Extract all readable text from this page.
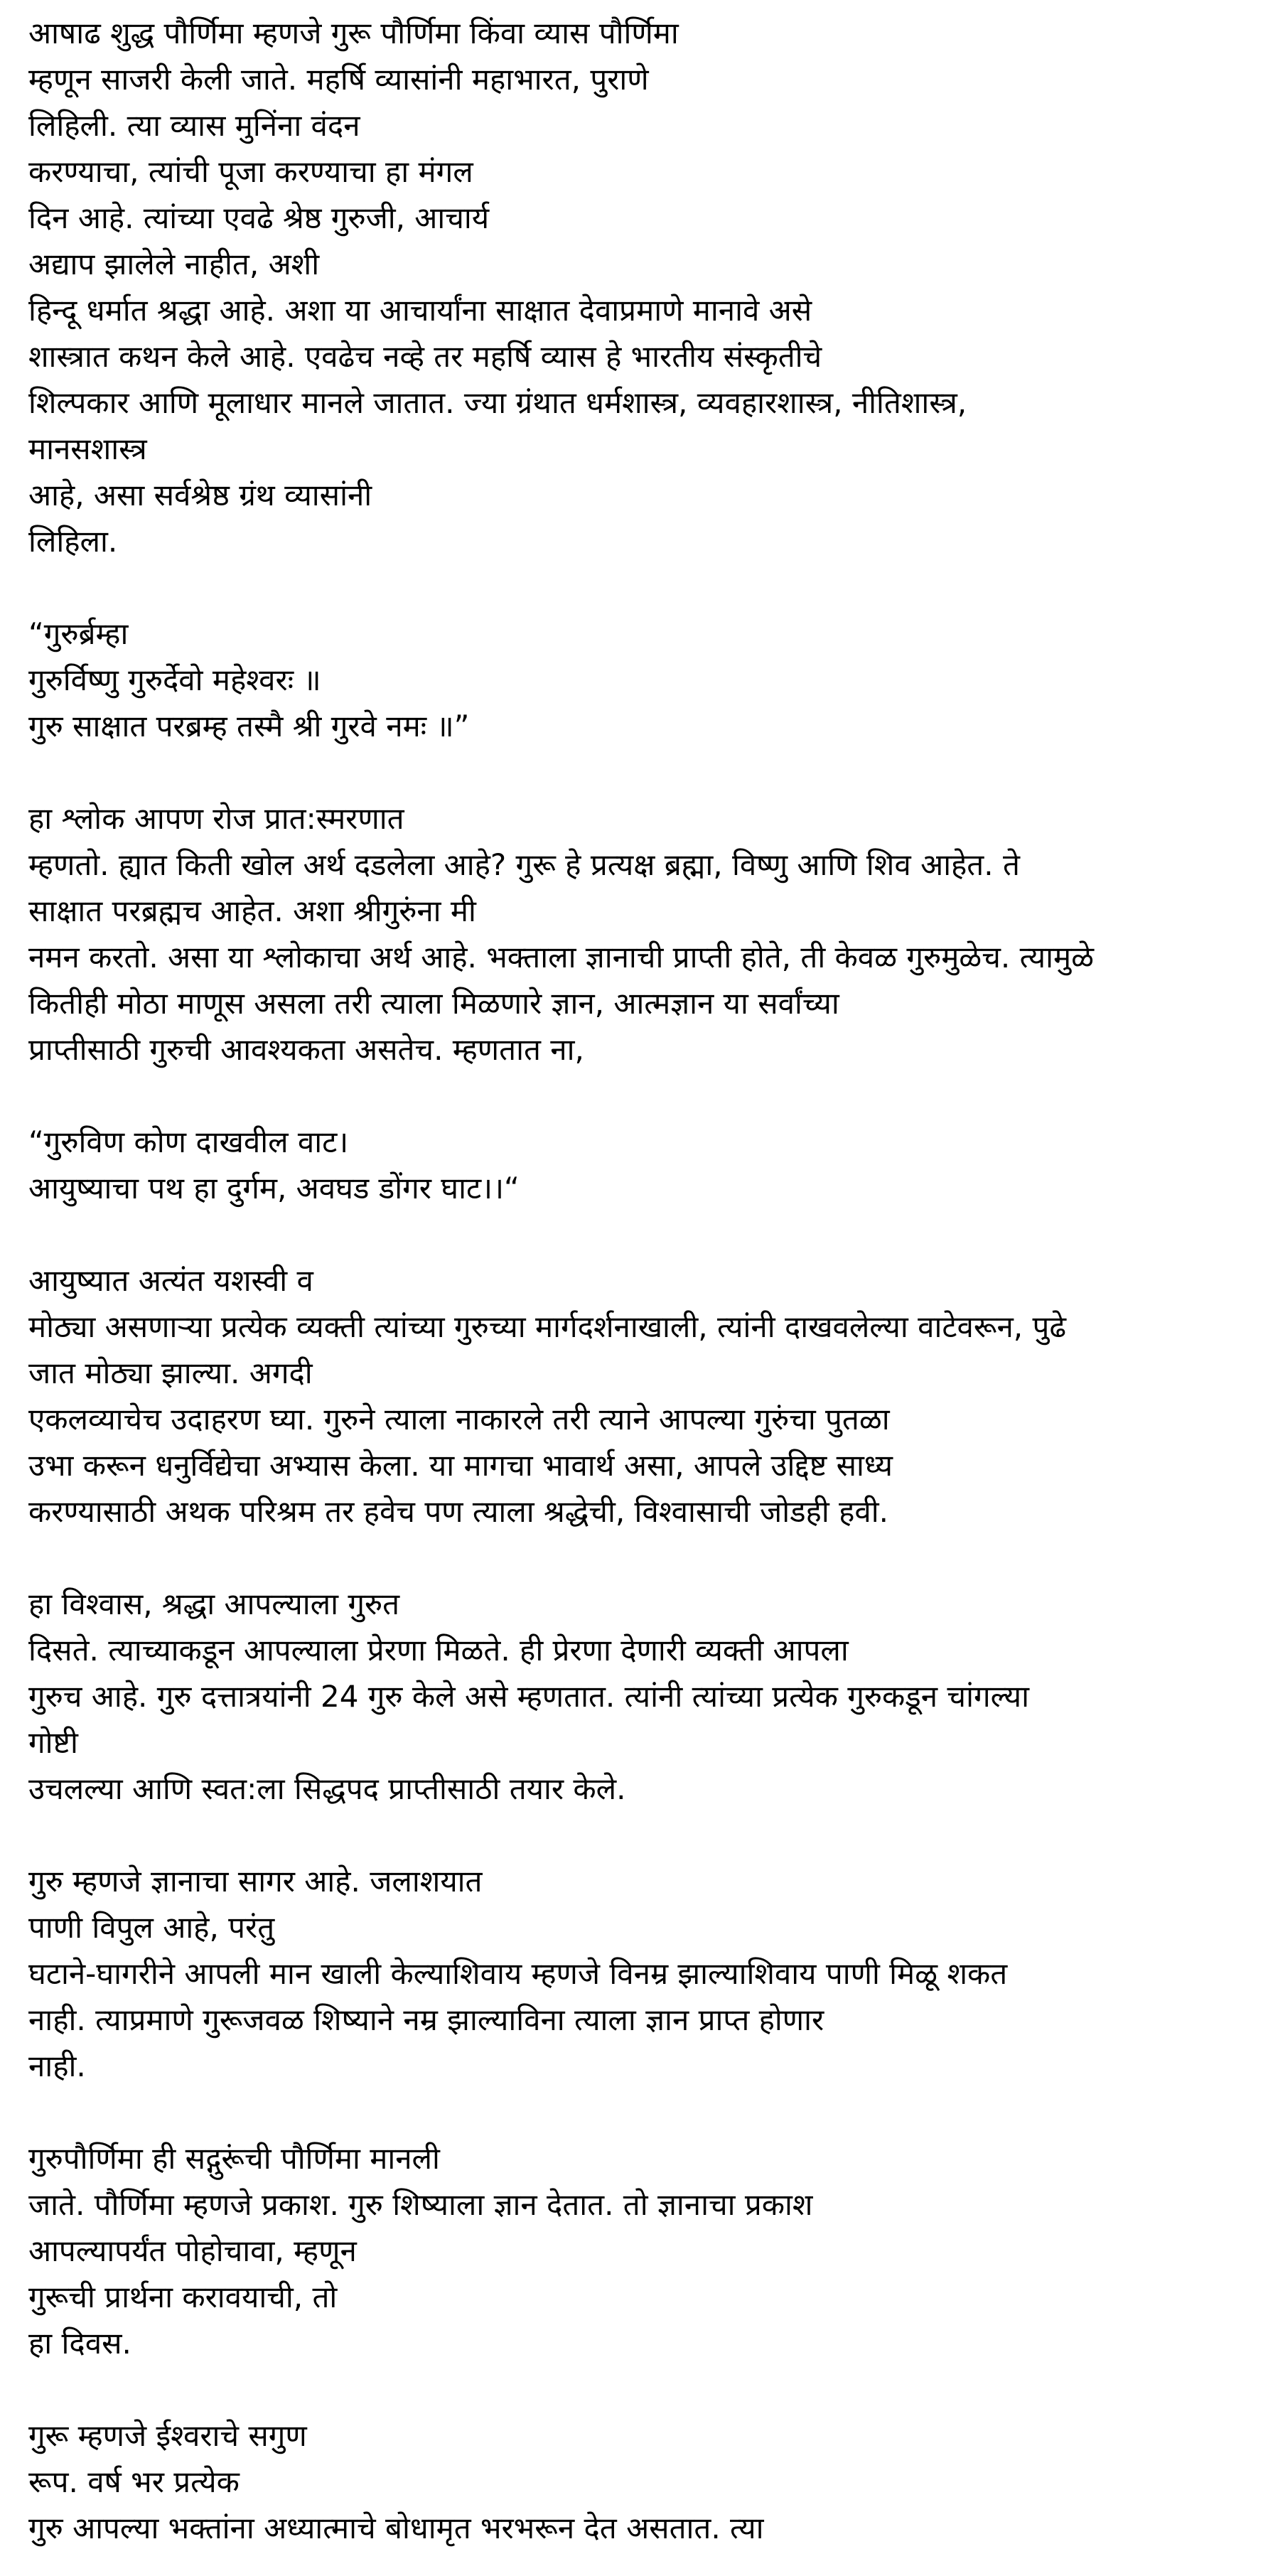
आषाढ शुद्ध पौर्णिमा म्हणजे गुरू पौर्णिमा किंवा व्यास पौर्णिमा
म्हणून साजरी केली जाते. महर्षि व्यासांनी महाभारत, पुराणे
लिहिली. त्या व्यास मुनिंना वंदन
करण्याचा, त्यांची पूजा करण्याचा हा मंगल
दिन आहे. त्यांच्या एवढे श्रेष्ठ गुरुजी, आचार्य
अद्याप झालेले नाहीत, अशी
हिन्दू धर्मात श्रद्धा आहे. अशा या आचार्यांना साक्षात देवाप्रमाणे मानावे असे
शास्त्रात कथन केले आहे. एवढेच नव्हे तर महर्षि व्यास हे भारतीय संस्कृतीचे
शिल्पकार आणि मूलाधार मानले जातात. ज्या ग्रंथात धर्मशास्त्र, व्यवहारशास्त्र, नीतिशास्त्र,
मानसशास्त्र
आहे, असा सर्वश्रेष्ठ ग्रंथ व्यासांनी
लिहिला.
“गुरुर्ब्रम्हा
गुरुर्विष्णु गुरुर्देवो महेश्वरः ॥
गुरु साक्षात परब्रम्ह तस्मै श्री गुरवे नमः ॥”
हा श्लोक आपण रोज प्रात:स्मरणात
म्हणतो. ह्यात किती खोल अर्थ दडलेला आहे? गुरू हे प्रत्यक्ष ब्रह्मा, विष्णु आणि शिव आहेत. ते
साक्षात परब्रह्मच आहेत. अशा श्रीगुरुंना मी
नमन करतो. असा या श्लोकाचा अर्थ आहे. भक्ताला ज्ञानाची प्राप्ती होते, ती केवळ गुरुमुळेच. त्यामुळे
कितीही मोठा माणूस असला तरी त्याला मिळणारे ज्ञान, आत्मज्ञान या सर्वांच्या
प्राप्तीसाठी गुरुची आवश्यकता असतेच. म्हणतात ना,
“गुरुविण कोण दाखवील वाट।
आयुष्याचा पथ हा दुर्गम, अवघड डोंगर घाट।।“
आयुष्यात अत्यंत यशस्वी व
मोठ्या असणाऱ्या प्रत्येक व्यक्ती त्यांच्या गुरुच्या मार्गदर्शनाखाली, त्यांनी दाखवलेल्या वाटेवरून, पुढे
जात मोठ्या झाल्या. अगदी
एकलव्याचेच उदाहरण घ्या. गुरुने त्याला नाकारले तरी त्याने आपल्या गुरुंचा पुतळा
उभा करून धनुर्विद्येचा अभ्यास केला. या मागचा भावार्थ असा, आपले उद्दिष्ट साध्य
करण्यासाठी अथक परिश्रम तर हवेच पण त्याला श्रद्धेची, विश्वासाची जोडही हवी.
हा विश्वास, श्रद्धा आपल्याला गुरुत
दिसते. त्याच्याकडून आपल्याला प्रेरणा मिळते. ही प्रेरणा देणारी व्यक्ती आपला
गुरुच आहे. गुरु दत्तात्रयांनी 24 गुरु केले असे म्हणतात. त्यांनी त्यांच्या प्रत्येक गुरुकडून चांगल्या
गोष्टी
उचलल्या आणि स्वत:ला सिद्धपद प्राप्तीसाठी तयार केले.
गुरु म्हणजे ज्ञानाचा सागर आहे. जलाशयात
पाणी विपुल आहे, परंतु
घटाने-घागरीने आपली मान खाली केल्याशिवाय म्हणजे विनम्र झाल्याशिवाय पाणी मिळू शकत
नाही. त्याप्रमाणे गुरूजवळ शिष्याने नम्र झाल्याविना त्याला ज्ञान प्राप्त होणार
नाही.
गुरुपौर्णिमा ही सद्गुरूंची पौर्णिमा मानली
जाते. पौर्णिमा म्हणजे प्रकाश. गुरु शिष्याला ज्ञान देतात. तो ज्ञानाचा प्रकाश
आपल्यापर्यंत पोहोचावा, म्हणून
गुरूची प्रार्थना करावयाची, तो
हा दिवस.
गुरू म्हणजे ईश्वराचे सगुण
रूप. वर्ष भर प्रत्येक
गुरु आपल्या भक्तांना अध्यात्माचे बोधामृत भरभरून देत असतात. त्या
